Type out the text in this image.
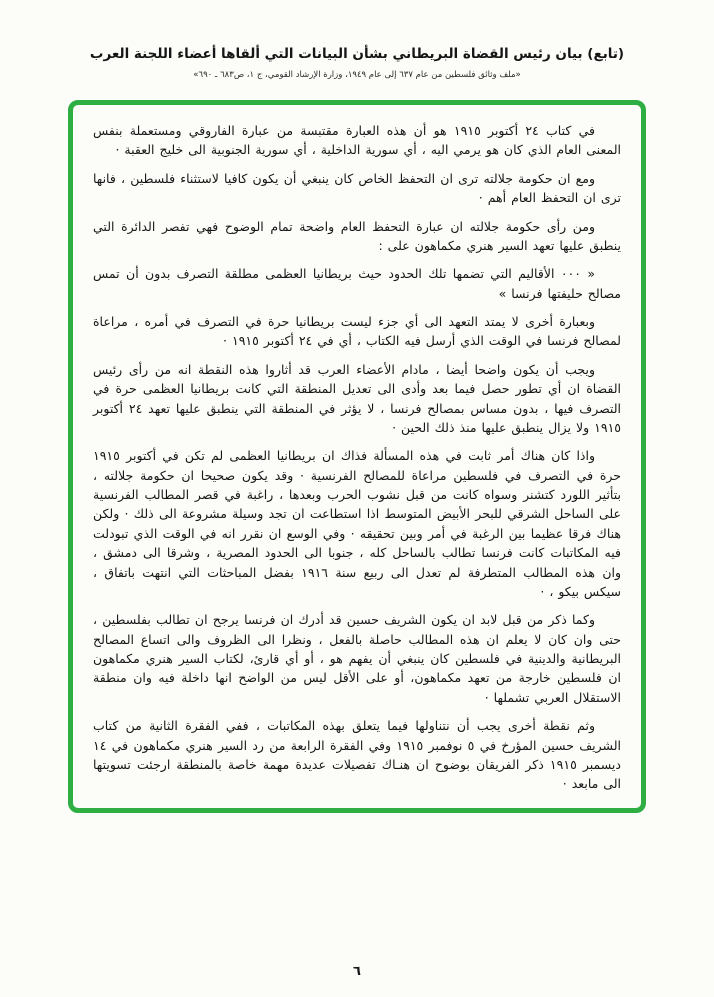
(تابع) بيان رئيس القضاة البريطاني بشأن البيانات التي ألقاها أعضاء اللجنة العرب
«ملف وثائق فلسطين من عام ٦٣٧ إلى عام ١٩٤٩، وزارة الإرشاد القومي، ج ١، ص٦٨٣ ـ ٦٩٠»

في كتاب ٢٤ أكتوبر ١٩١٥ هو أن هذه العبارة مقتبسة من عبارة الفاروقي ومستعملة بنفس المعنى العام الذي كان هو يرمي اليه ، أي سورية الداخلية ، أي سورية الجنوبية الى خليج العقبة ·

ومع ان حكومة جلالته ترى ان التحفظ الخاص كان ينبغي أن يكون كافيا لاستثناء فلسطين ، فانها ترى ان التحفظ العام أهم ·

ومن رأى حكومة جلالته ان عبارة التحفظ العام واضحة تمام الوضوح فهي تفصر الدائرة التي ينطبق عليها تعهد السير هنري مكماهون على :

« ٠٠٠ الأقاليم التي تضمها تلك الحدود حيث بريطانيا العظمى مطلقة التصرف بدون أن تمس مصالح حليفتها فرنسا »

وبعبارة أخرى لا يمتد التعهد الى أي جزء ليست بريطانيا حرة في التصرف في أمره ، مراعاة لمصالح فرنسا في الوقت الذي أرسل فيه الكتاب ، أي في ٢٤ أكتوبر ١٩١٥ ·

ويجب أن يكون واضحا أيضا ، مادام الأعضاء العرب قد أثاروا هذه النقطة انه من رأى رئيس القضاة ان أي تطور حصل فيما بعد وأدى الى تعديل المنطقة التي كانت بريطانيا العظمى حرة في التصرف فيها ، بدون مساس بمصالح فرنسا ، لا يؤثر في المنطقة التي ينطبق عليها تعهد ٢٤ أكتوبر ١٩١٥ ولا يزال ينطبق عليها منذ ذلك الحين ·

واذا كان هناك أمر ثابت في هذه المسألة فذاك ان بريطانيا العظمى لم تكن في أكتوبر ١٩١٥ حرة في التصرف في فلسطين مراعاة للمصالح الفرنسية · وقد يكون صحيحا ان حكومة جلالته ، بتأثير اللورد كتشنر وسواه كانت من قبل نشوب الحرب وبعدها ، راغبة في قصر المطالب الفرنسية على الساحل الشرقي للبحر الأبيض المتوسط اذا استطاعت ان تجد وسيلة مشروعة الى ذلك · ولكن هناك فرقا عظيما بين الرغبة في أمر وبين تحقيقه · وفي الوسع ان نقرر انه في الوقت الذي تبودلت فيه المكاتبات كانت فرنسا تطالب بالساحل كله ، جنوبا الى الحدود المصرية ، وشرقا الى دمشق ، وان هذه المطالب المتطرفة لم تعدل الى ربيع سنة ١٩١٦ بفضل المباحثات التي انتهت باتفاق ، سيكس بيكو ، ·

وكما ذكر من قبل لابد ان يكون الشريف حسين قد أدرك ان فرنسا يرجح ان تطالب بفلسطين ، حتى وان كان لا يعلم ان هذه المطالب حاصلة بالفعل ، ونظرا الى الظروف والى اتساع المصالح البريطانية والدينية في فلسطين كان ينبغي أن يفهم هو ، أو أي قارئ، لكتاب السير هنري مكماهون ان فلسطين خارجة من تعهد مكماهون، أو على الأقل ليس من الواضح انها داخلة فيه وان منطقة الاستقلال العربي تشملها ·

وثم نقطة أخرى يجب أن نتناولها فيما يتعلق بهذه المكاتبات ، ففي الفقرة الثانية من كتاب الشريف حسين المؤرخ في ٥ نوفمبر ١٩١٥ وفي الفقرة الرابعة من رد السير هنري مكماهون في ١٤ ديسمبر ١٩١٥ ذكر الفريقان بوضوح ان هنـاك تفصيلات عديدة مهمة خاصة بالمنطقة ارجئت تسويتها الى مابعد ·

٦
